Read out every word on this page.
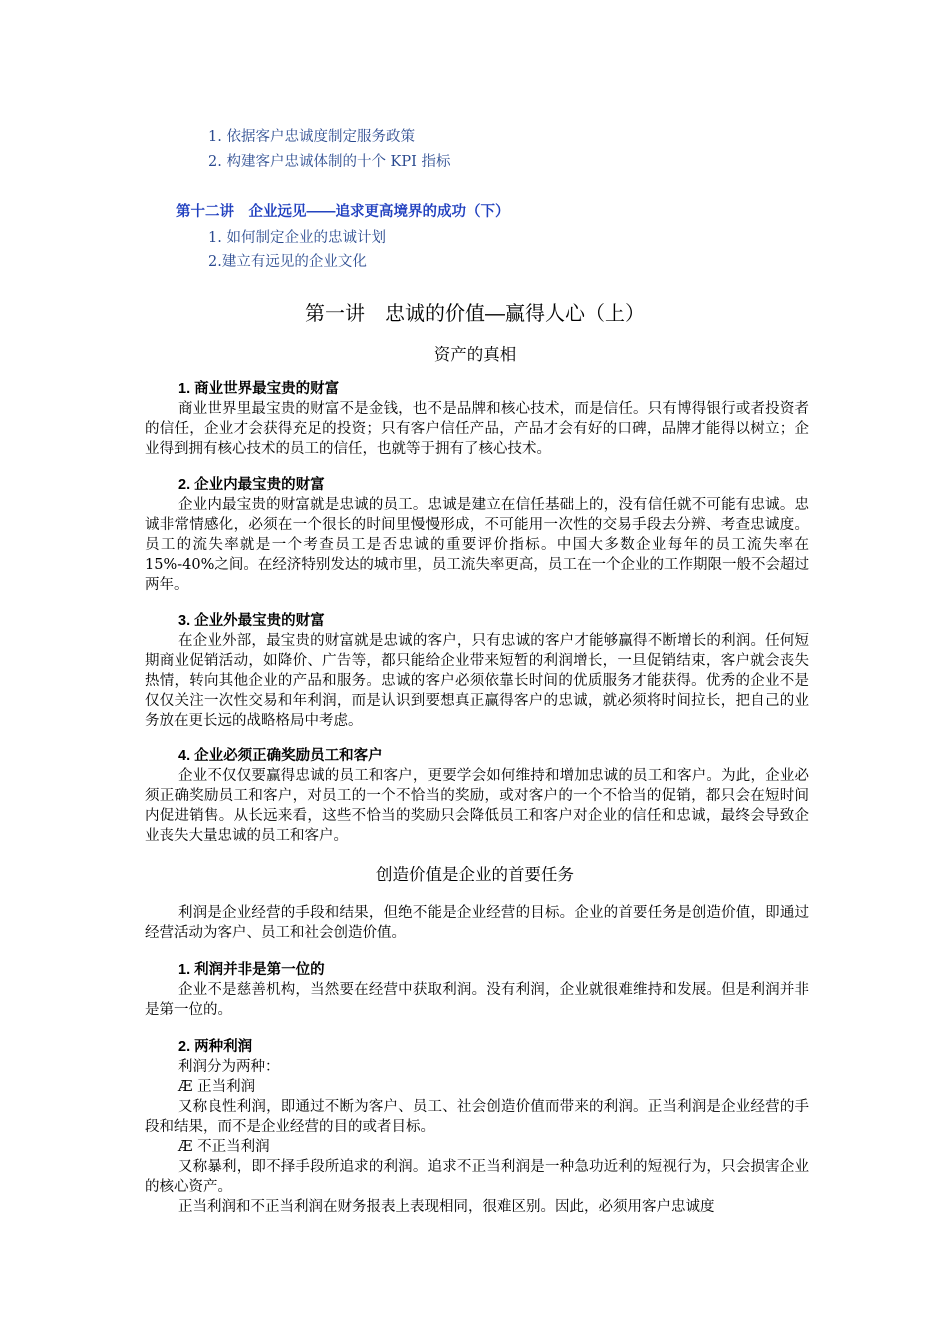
1. 依据客户忠诚度制定服务政策
2. 构建客户忠诚体制的十个 KPI 指标
第十二讲　企业远见——追求更高境界的成功（下）
1. 如何制定企业的忠诚计划
2.建立有远见的企业文化
第一讲　忠诚的价值—赢得人心（上）
资产的真相
1. 商业世界最宝贵的财富

商业世界里最宝贵的财富不是金钱，也不是品牌和核心技术，而是信任。只有博得银行或者投资者的信任，企业才会获得充足的投资；只有客户信任产品，产品才会有好的口碑，品牌才能得以树立；企业得到拥有核心技术的员工的信任，也就等于拥有了核心技术。

2. 企业内最宝贵的财富

企业内最宝贵的财富就是忠诚的员工。忠诚是建立在信任基础上的，没有信任就不可能有忠诚。忠诚非常情感化，必须在一个很长的时间里慢慢形成，不可能用一次性的交易手段去分辨、考查忠诚度。员工的流失率就是一个考查员工是否忠诚的重要评价指标。中国大多数企业每年的员工流失率在 15%-40%之间。在经济特别发达的城市里，员工流失率更高，员工在一个企业的工作期限一般不会超过两年。

3. 企业外最宝贵的财富

在企业外部，最宝贵的财富就是忠诚的客户，只有忠诚的客户才能够赢得不断增长的利润。任何短期商业促销活动，如降价、广告等，都只能给企业带来短暂的利润增长，一旦促销结束，客户就会丧失热情，转向其他企业的产品和服务。忠诚的客户必须依靠长时间的优质服务才能获得。优秀的企业不是仅仅关注一次性交易和年利润，而是认识到要想真正赢得客户的忠诚，就必须将时间拉长，把自己的业务放在更长远的战略格局中考虑。

4. 企业必须正确奖励员工和客户

企业不仅仅要赢得忠诚的员工和客户，更要学会如何维持和增加忠诚的员工和客户。为此，企业必须正确奖励员工和客户，对员工的一个不恰当的奖励，或对客户的一个不恰当的促销，都只会在短时间内促进销售。从长远来看，这些不恰当的奖励只会降低员工和客户对企业的信任和忠诚，最终会导致企业丧失大量忠诚的员工和客户。

创造价值是企业的首要任务

利润是企业经营的手段和结果，但绝不能是企业经营的目标。企业的首要任务是创造价值，即通过经营活动为客户、员工和社会创造价值。

1. 利润并非是第一位的

企业不是慈善机构，当然要在经营中获取利润。没有利润，企业就很难维持和发展。但是利润并非是第一位的。

2. 两种利润
利润分为两种：
Æ 正当利润

又称良性利润，即通过不断为客户、员工、社会创造价值而带来的利润。正当利润是企业经营的手段和结果，而不是企业经营的目的或者目标。

Æ 不正当利润

又称暴利，即不择手段所追求的利润。追求不正当利润是一种急功近利的短视行为，只会损害企业的核心资产。

正当利润和不正当利润在财务报表上表现相同，很难区别。因此，必须用客户忠诚度
